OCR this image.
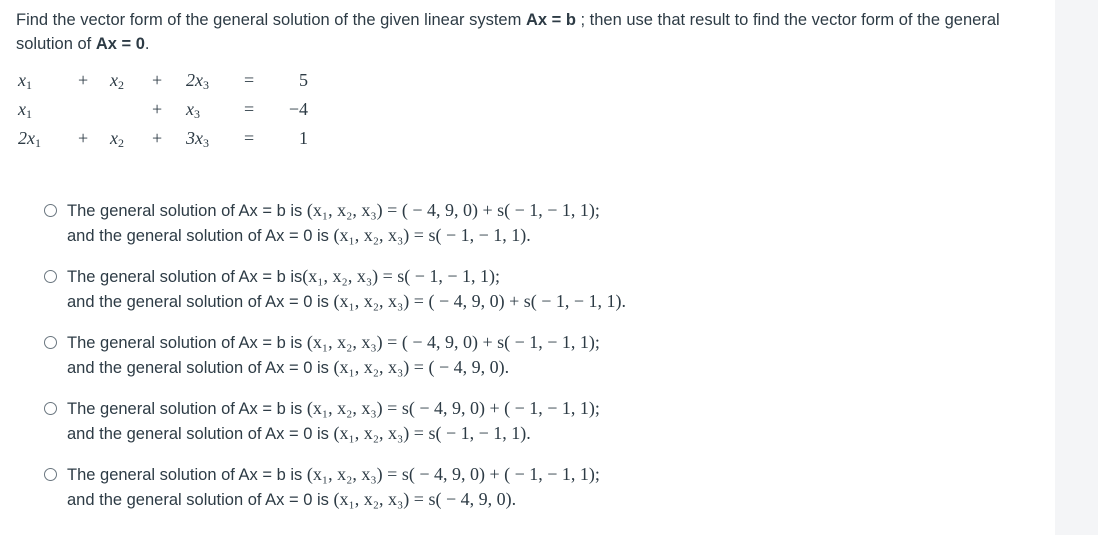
Find the vector form of the general solution of the given linear system Ax = b ; then use that result to find the vector form of the general solution of Ax = 0.
$x_1$	+ $x_2 + 2x_3 = 5$
$x_1$	+ $x_3 = -4$
$2x_1 + x_2 + 3x_3 = 1$
The general solution of Ax = b is (x₁, x₂, x₃) = ( − 4, 9, 0) + s( − 1, − 1, 1);
and the general solution of Ax = 0 is (x₁, x₂, x₃) = s( − 1, − 1, 1).
The general solution of Ax = b is(x₁, x₂, x₃) = s( − 1, − 1, 1);
and the general solution of Ax = 0 is (x₁, x₂, x₃) = ( − 4, 9, 0) + s( − 1, − 1, 1).
The general solution of Ax = b is (x₁, x₂, x₃) = ( − 4, 9, 0) + s( − 1, − 1, 1);
and the general solution of Ax = 0 is (x₁, x₂, x₃) = ( − 4, 9, 0).
The general solution of Ax = b is (x₁, x₂, x₃) = s( − 4, 9, 0) + ( − 1, − 1, 1);
and the general solution of Ax = 0 is (x₁, x₂, x₃) = s( − 1, − 1, 1).
The general solution of Ax = b is (x₁, x₂, x₃) = s( − 4, 9, 0) + ( − 1, − 1, 1);
and the general solution of Ax = 0 is (x₁, x₂, x₃) = s( − 4, 9, 0).
